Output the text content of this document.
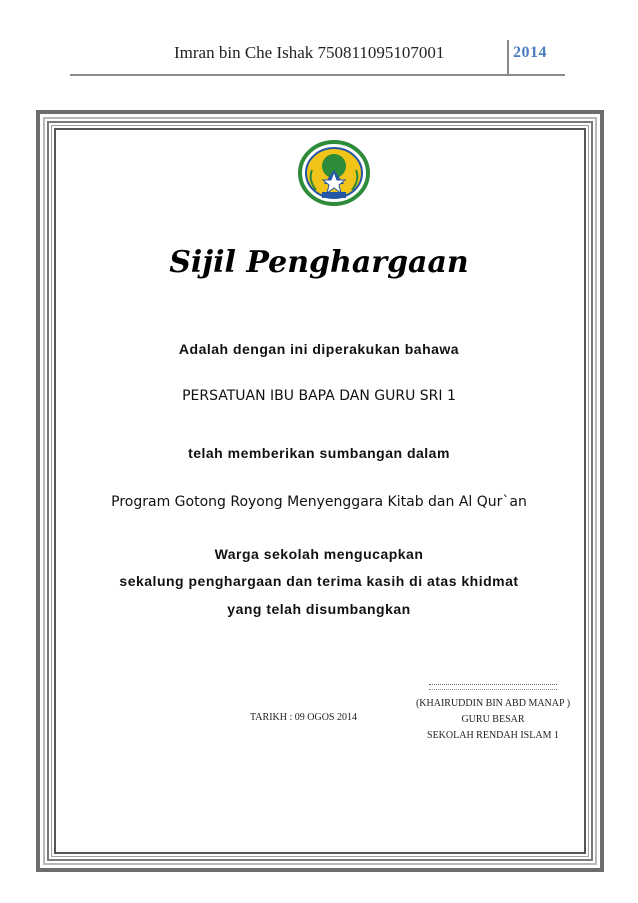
Imran bin Che Ishak 750811095107001	2014
Sijil Penghargaan
Adalah dengan ini diperakukan bahawa
PERSATUAN IBU BAPA DAN GURU SRI 1
telah memberikan sumbangan dalam
Program Gotong Royong Menyenggara Kitab dan Al Qur`an
Warga sekolah mengucapkan
sekalung penghargaan dan terima kasih di atas khidmat
yang telah disumbangkan
TARIKH : 09 OGOS 2014
(KHAIRUDDIN BIN ABD MANAP )
GURU BESAR
SEKOLAH RENDAH ISLAM 1
